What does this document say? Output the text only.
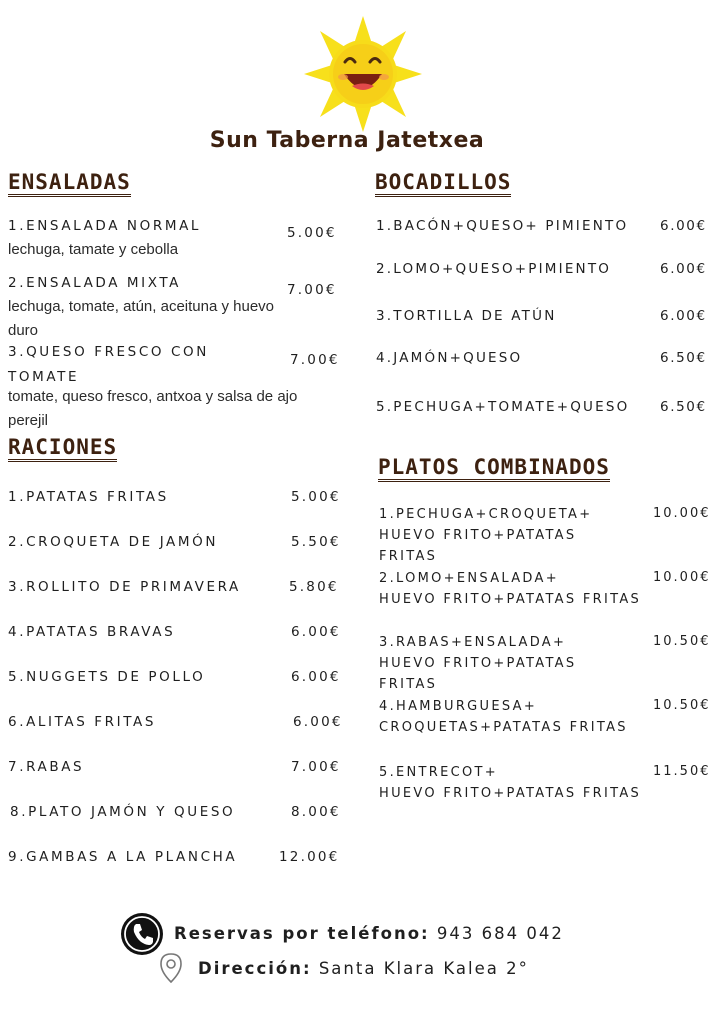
Sun Taberna Jatetxea
ENSALADAS
1.ENSALADA NORMAL	5.00€
lechuga, tamate y cebolla
2.ENSALADA MIXTA	7.00€
lechuga, tomate, atún, aceituna y huevo duro
3.QUESO FRESCO CON TOMATE
7.00€
tomate, queso fresco, antxoa y salsa de ajo perejil
RACIONES
1.PATATAS FRITAS	5.00€
2.CROQUETA DE JAMÓN	5.50€
3.ROLLITO DE PRIMAVERA	5.80€
4.PATATAS BRAVAS	6.00€
5.NUGGETS DE POLLO	6.00€
6.ALITAS FRITAS	6.00€
7.RABAS	7.00€
8.PLATO JAMÓN Y QUESO	8.00€
9.GAMBAS A LA PLANCHA	12.00€
BOCADILLOS
1.BACÓN+QUESO+ PIMIENTO 6.00€
2.LOMO+QUESO+PIMIENTO	6.00€
3.TORTILLA DE ATÚN	6.00€
4.JAMÓN+QUESO	6.50€
5.PECHUGA+TOMATE+QUESO 6.50€
PLATOS COMBINADOS
1.PECHUGA+CROQUETA+
HUEVO FRITO+PATATAS FRITAS
10.00€
2.LOMO+ENSALADA+
HUEVO FRITO+PATATAS FRITAS
10.00€
3.RABAS+ENSALADA+
HUEVO FRITO+PATATAS FRITAS
10.50€
4.HAMBURGUESA+
CROQUETAS+PATATAS FRITAS
10.50€
5.ENTRECOT+
HUEVO FRITO+PATATAS FRITAS
11.50€
Reservas por teléfono: 943 684 042
Dirección: Santa Klara Kalea 2°
